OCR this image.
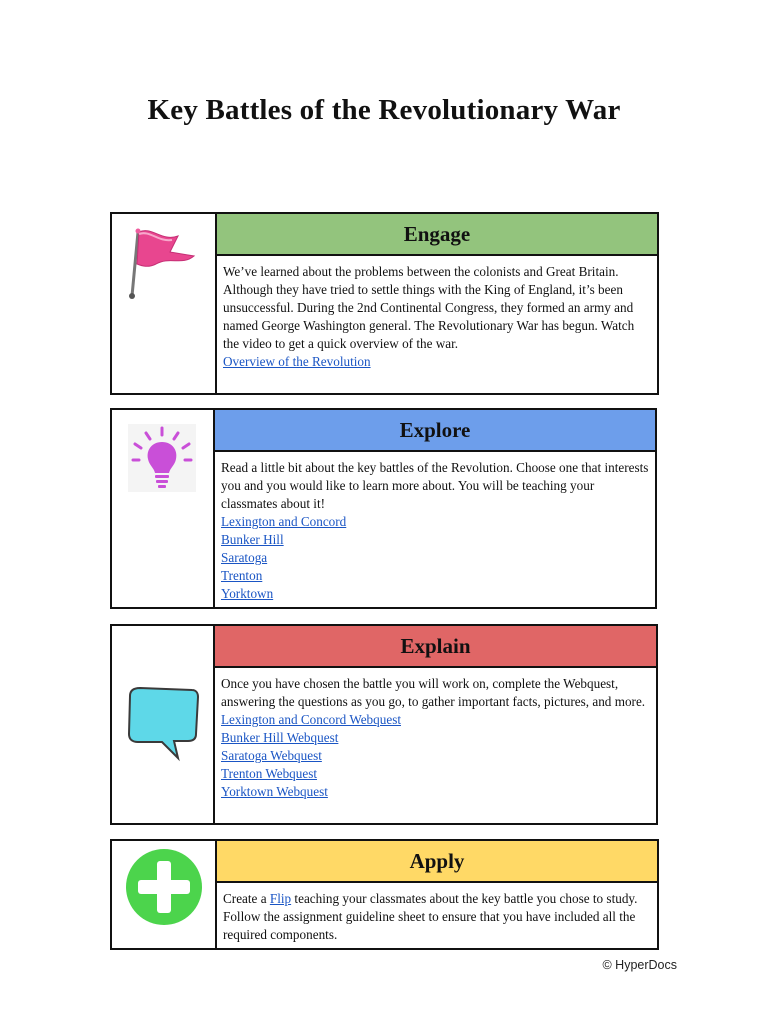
Key Battles of the Revolutionary War
Engage

We’ve learned about the problems between the colonists and Great Britain. Although they have tried to settle things with the King of England, it’s been unsuccessful. During the 2nd Continental Congress, they formed an army and named George Washington general. The Revolutionary War has begun. Watch the video to get a quick overview of the war.

Overview of the Revolution
Explore

Read a little bit about the key battles of the Revolution. Choose one that interests you and you would like to learn more about. You will be teaching your classmates about it!

Lexington and Concord
Bunker Hill
Saratoga
Trenton
Yorktown
Explain

Once you have chosen the battle you will work on, complete the Webquest, answering the questions as you go, to gather important facts, pictures, and more.

Lexington and Concord Webquest
Bunker Hill Webquest
Saratoga Webquest
Trenton Webquest
Yorktown Webquest
Apply

Create a Flip teaching your classmates about the key battle you chose to study. Follow the assignment guideline sheet to ensure that you have included all the required components.

© HyperDocs
